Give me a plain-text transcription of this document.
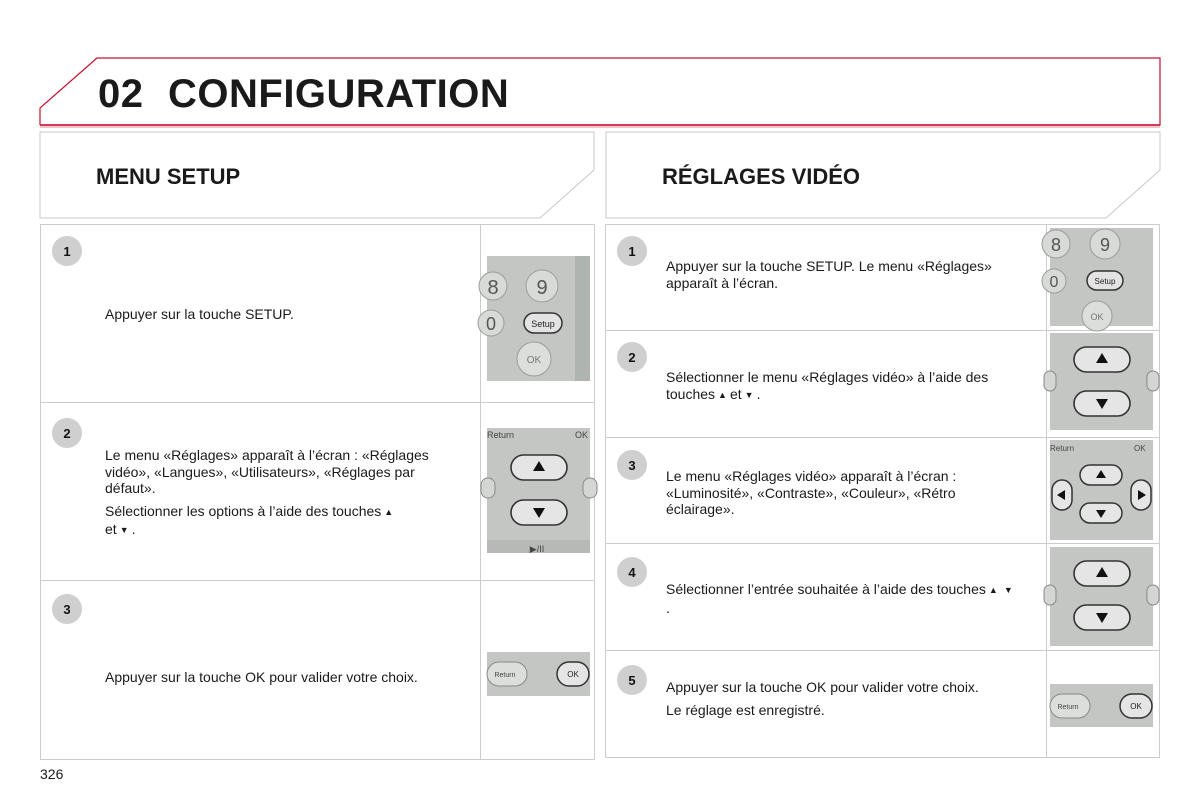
02 CONFIGURATION
MENU SETUP	RÉGLAGES VIDÉO
1

Appuyer sur la touche SETUP.

8 9
0	Setup
OK
2

Le menu «Réglages» apparaît à l’écran : «Réglages vidéo», «Langues», «Utilisateurs», «Réglages par défaut».

Sélectionner les options à l’aide des touches ▲
et ▼ .

Return	OK
▶/II
3

Appuyer sur la touche OK pour valider votre choix.	Return	OK
1

Appuyer sur la touche SETUP. Le menu «Réglages» apparaît à l’écran.

8 9
0	Setup
OK
2

Sélectionner le menu «Réglages vidéo» à l’aide des touches ▲ et ▼ .

3

Le menu «Réglages vidéo» apparaît à l’écran : «Luminosité», «Contraste», «Couleur», «Rétro éclairage».

Return	OK
4

Sélectionner l’entrée souhaitée à l’aide des touches ▲ ▼.

5	Appuyer sur la touche OK pour valider votre choix.

Le réglage est enregistré.	Return	OK
326
